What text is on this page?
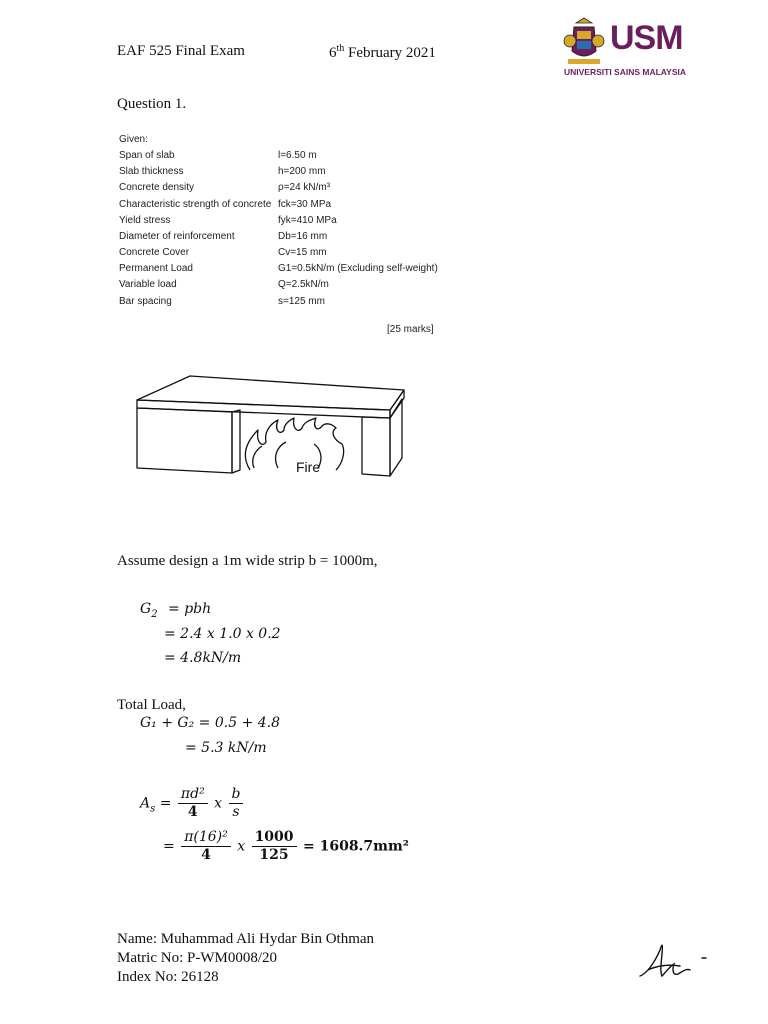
EAF 525 Final Exam	6th February 2021	USM
UNIVERSITI SAINS MALAYSIA
Question 1.
Given:
Span of slab	l=6.50 m
Slab thickness	h=200 mm
Concrete density	ρ=24 kN/m³
Characteristic strength of concrete fck=30 MPa
Yield stress	fyk=410 MPa
Diameter of reinforcement	Db=16 mm
Concrete Cover	Cv=15 mm
Permanent Load	G1=0.5kN/m (Excluding self-weight)
Variable load	Q=2.5kN/m
Bar spacing	s=125 mm
[25 marks]
Fire
Assume design a 1m wide strip b = 1000m,
$G_2$ = pbh
= 2.4 x 1.0 x 0.2
= 4.8kN/m
Total Load,
G₁ + G₂ = 0.5 + 4.8
= 5.3 kN/m
$A_s = \frac{\text{πd²}}{4}$ x $\frac{b}{s}$
= $\frac{\text{π(16)²}}{4}$ x $\frac{1000}{125} = 1608.7mm^2$
Name: Muhammad Ali Hydar Bin Othman
Matric No: P-WM0008/20
Index No: 26128
